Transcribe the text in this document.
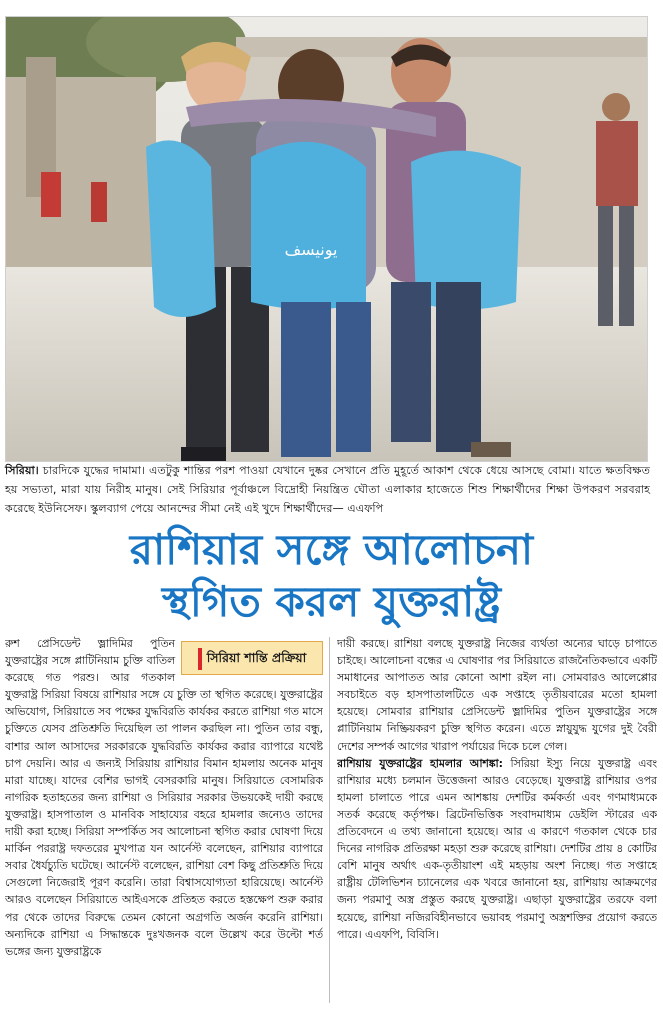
یونیسف
সিরিয়া। চারদিকে যুদ্ধের দামামা। এতটুকু শান্তির পরশ পাওয়া যেখানে দুষ্কর সেখানে প্রতি মুহূর্তে আকাশ থেকে ধেয়ে আসছে বোমা। যাতে ক্ষতবিক্ষত হয় সভ্যতা, মারা যায় নিরীহ মানুষ। সেই সিরিয়ার পূর্বাঞ্চলে বিদ্রোহী নিয়ন্ত্রিত ঘৌতা এলাকার হাজেতে শিশু শিক্ষার্থীদের শিক্ষা উপকরণ সরবরাহ করেছে ইউনিসেফ। স্কুলব্যাগ পেয়ে আনন্দের সীমা নেই এই খুদে শিক্ষার্থীদের— এএফপি
রাশিয়ার সঙ্গে আলোচনা
স্থগিত করল যুক্তরাষ্ট্র

সিরিয়া শান্তি প্রক্রিয়া
রুশ প্রেসিডেন্ট ভ্লাদিমির পুতিন যুক্তরাষ্ট্রের সঙ্গে প্লাটিনিয়াম চুক্তি বাতিল করেছে গত পরশু। আর গতকাল যুক্তরাষ্ট্র সিরিয়া বিষয়ে রাশিয়ার সঙ্গে যে চুক্তি তা স্থগিত করেছে। যুক্তরাষ্ট্রের অভিযোগ, সিরিয়াতে সব পক্ষের যুদ্ধবিরতি কার্যকর করতে রাশিয়া গত মাসে চুক্তিতে যেসব প্রতিশ্রুতি দিয়েছিল তা পালন করছিল না। পুতিন তার বন্ধু, বাশার আল আসাদের সরকারকে যুদ্ধবিরতি কার্যকর করার ব্যাপারে যথেষ্ট চাপ দেয়নি। আর এ জন্যই সিরিয়ায় রাশিয়ার বিমান হামলায় অনেক মানুষ মারা যাচ্ছে। যাদের বেশির ভাগই বেসরকারি মানুষ। সিরিয়াতে বেসামরিক নাগরিক হতাহতের জন্য রাশিয়া ও সিরিয়ার সরকার উভয়কেই দায়ী করছে যুক্তরাষ্ট্র। হাসপাতাল ও মানবিক সাহায্যের বহরে হামলার জন্যেও তাদের দায়ী করা হচ্ছে। সিরিয়া সম্পর্কিত সব আলোচনা স্থগিত করার ঘোষণা দিয়ে মার্কিন পররাষ্ট্র দফতরের মুখপাত্র যন আর্নেস্ট বলেছেন, রাশিয়ার ব্যাপারে সবার ধৈর্যচ্যুতি ঘটেছে। আর্নেস্ট বলেছেন, রাশিয়া বেশ কিছু প্রতিশ্রুতি দিয়ে সেগুলো নিজেরাই পূরণ করেনি। তারা বিশ্বাসযোগ্যতা হারিয়েছে। আর্নেস্ট আরও বলেছেন সিরিয়াতে আইএসকে প্রতিহত করতে হস্তক্ষেপ শুরু করার পর থেকে তাদের বিরুদ্ধে তেমন কোনো অগ্রগতি অর্জন করেনি রাশিয়া। অন্যদিকে রাশিয়া এ সিদ্ধান্তকে দুঃখজনক বলে উল্লেখ করে উল্টো শর্ত ভঙ্গের জন্য যুক্তরাষ্ট্রকে

দায়ী করছে। রাশিয়া বলছে যুক্তরাষ্ট্র নিজের ব্যর্থতা অন্যের ঘাড়ে চাপাতে চাইছে। আলোচনা বন্ধের এ ঘোষণার পর সিরিয়াতে রাজনৈতিকভাবে একটি সমাধানের আপাতত আর কোনো আশা রইল না। সোমবারও আলেপ্পোর সবচাইতে বড় হাসপাতালটিতে এক সপ্তাহে তৃতীয়বারের মতো হামলা হয়েছে। সোমবার রাশিয়ার প্রেসিডেন্ট ভ্লাদিমির পুতিন যুক্তরাষ্ট্রের সঙ্গে প্লাটিনিয়াম নিষ্ক্রিয়করণ চুক্তি স্থগিত করেন। এতে স্নায়ুযুদ্ধ যুগের দুই বৈরী দেশের সম্পর্ক আগের খারাপ পর্যায়ের দিকে চলে গেল।

রাশিয়ায় যুক্তরাষ্ট্রের হামলার আশঙ্কা: সিরিয়া ইস্যু নিয়ে যুক্তরাষ্ট্র এবং রাশিয়ার মধ্যে চলমান উত্তেজনা আরও বেড়েছে। যুক্তরাষ্ট্র রাশিয়ার ওপর হামলা চালাতে পারে এমন আশঙ্কায় দেশটির কর্মকর্তা এবং গণমাধ্যমকে সতর্ক করেছে কর্তৃপক্ষ। ব্রিটেনভিত্তিক সংবাদমাধ্যম ডেইলি স্টারের এক প্রতিবেদনে এ তথ্য জানানো হয়েছে। আর এ কারণে গতকাল থেকে চার দিনের নাগরিক প্রতিরক্ষা মহড়া শুরু করেছে রাশিয়া। দেশটির প্রায় ৪ কোটির বেশি মানুষ অর্থাৎ এক-তৃতীয়াংশ এই মহড়ায় অংশ নিচ্ছে। গত সপ্তাহে রাষ্ট্রীয় টেলিভিশন চ্যানেলের এক খবরে জানানো হয়, রাশিয়ায় আক্রমণের জন্য পরমাণু অস্ত্র প্রস্তুত করছে যুক্তরাষ্ট্র। এছাড়া যুক্তরাষ্ট্রের তরফে বলা হয়েছে, রাশিয়া নজিরবিহীনভাবে ভয়াবহ পরমাণু অস্ত্রশক্তির প্রয়োগ করতে পারে। এএফপি, বিবিসি।
